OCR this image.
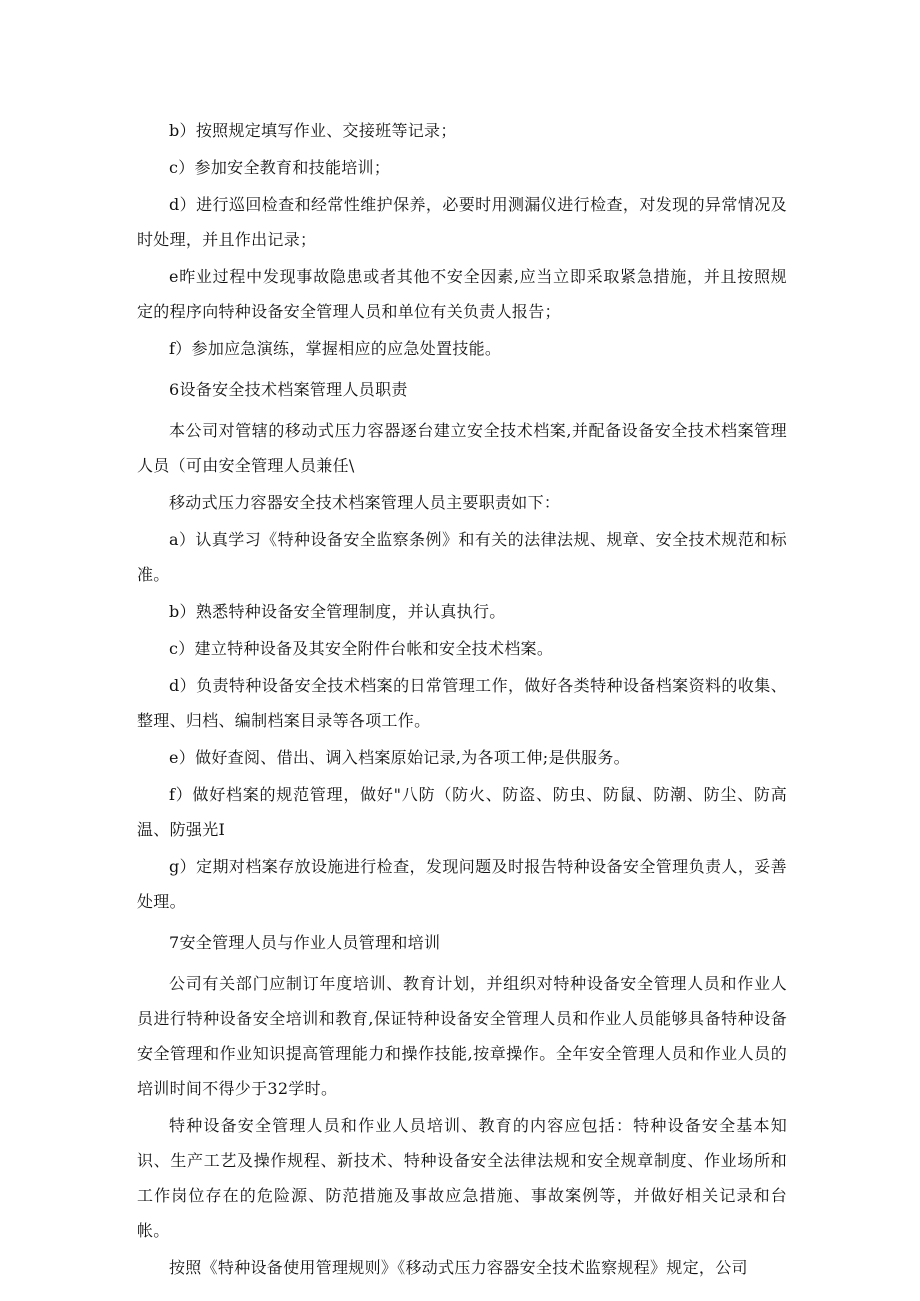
b）按照规定填写作业、交接班等记录；

c）参加安全教育和技能培训；

d）进行巡回检查和经常性维护保养，必要时用测漏仪进行检查，对发现的异常情况及时处理，并且作出记录；

e昨业过程中发现事故隐患或者其他不安全因素,应当立即采取紧急措施，并且按照规定的程序向特种设备安全管理人员和单位有关负责人报告；

f）参加应急演练，掌握相应的应急处置技能。

6设备安全技术档案管理人员职责

本公司对管辖的移动式压力容器逐台建立安全技术档案,并配备设备安全技术档案管理人员（可由安全管理人员兼任\

移动式压力容器安全技术档案管理人员主要职责如下：

a）认真学习《特种设备安全监察条例》和有关的法律法规、规章、安全技术规范和标准。

b）熟悉特种设备安全管理制度，并认真执行。

c）建立特种设备及其安全附件台帐和安全技术档案。

d）负责特种设备安全技术档案的日常管理工作，做好各类特种设备档案资料的收集、整理、归档、编制档案目录等各项工作。

e）做好查阅、借出、调入档案原始记录,为各项工伸;是供服务。

f）做好档案的规范管理，做好"八防（防火、防盗、防虫、防鼠、防潮、防尘、防高温、防强光I

g）定期对档案存放设施进行检查，发现问题及时报告特种设备安全管理负责人，妥善处理。

7安全管理人员与作业人员管理和培训

公司有关部门应制订年度培训、教育计划，并组织对特种设备安全管理人员和作业人员进行特种设备安全培训和教育,保证特种设备安全管理人员和作业人员能够具备特种设备安全管理和作业知识提高管理能力和操作技能,按章操作。全年安全管理人员和作业人员的培训时间不得少于32学时。

特种设备安全管理人员和作业人员培训、教育的内容应包括：特种设备安全基本知识、生产工艺及操作规程、新技术、特种设备安全法律法规和安全规章制度、作业场所和工作岗位存在的危险源、防范措施及事故应急措施、事故案例等，并做好相关记录和台帐。

按照《特种设备使用管理规则》《移动式压力容器安全技术监察规程》规定，公司
